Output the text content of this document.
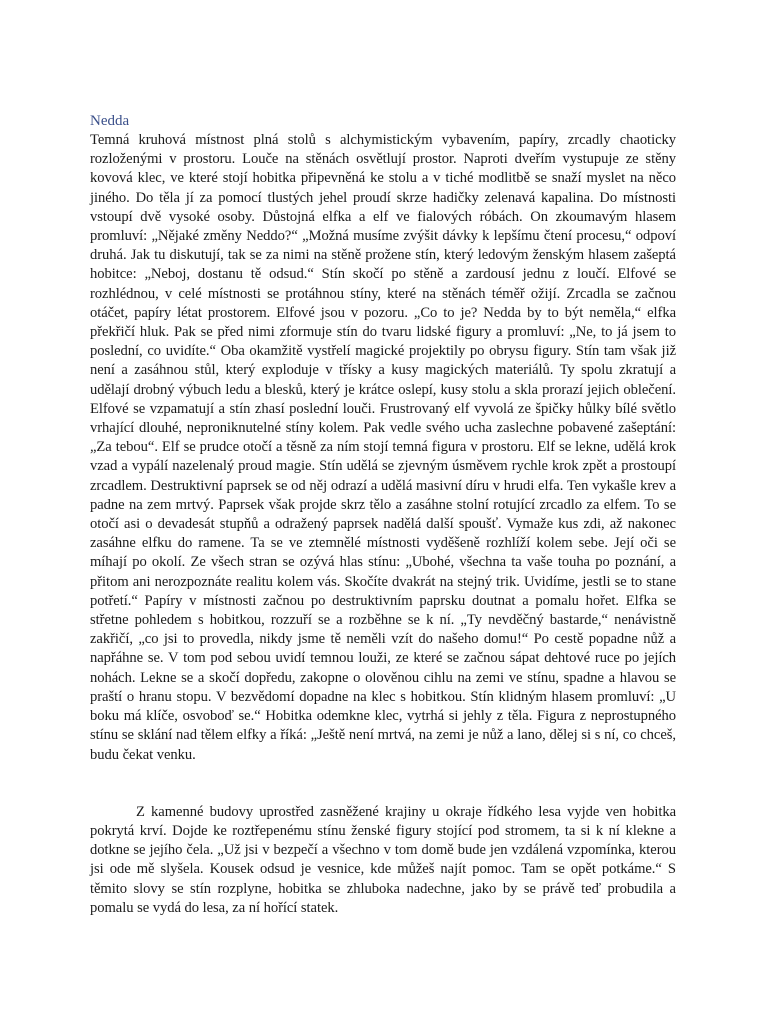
Nedda

Temná kruhová místnost plná stolů s alchymistickým vybavením, papíry, zrcadly chaoticky rozloženými v prostoru. Louče na stěnách osvětlují prostor. Naproti dveřím vystupuje ze stěny kovová klec, ve které stojí hobitka připevněná ke stolu a v tiché modlitbě se snaží myslet na něco jiného. Do těla jí za pomocí tlustých jehel proudí skrze hadičky zelenavá kapalina. Do místnosti vstoupí dvě vysoké osoby. Důstojná elfka a elf ve fialových róbách. On zkoumavým hlasem promluví: „Nějaké změny Neddo?“ „Možná musíme zvýšit dávky k lepšímu čtení procesu,“ odpoví druhá. Jak tu diskutují, tak se za nimi na stěně prožene stín, který ledovým ženským hlasem zašeptá hobitce: „Neboj, dostanu tě odsud.“ Stín skočí po stěně a zardousí jednu z loučí. Elfové se rozhlédnou, v celé místnosti se protáhnou stíny, které na stěnách téměř ožijí. Zrcadla se začnou otáčet, papíry létat prostorem. Elfové jsou v pozoru. „Co to je? Nedda by to být neměla,“ elfka překřičí hluk. Pak se před nimi zformuje stín do tvaru lidské figury a promluví: „Ne, to já jsem to poslední, co uvidíte.“ Oba okamžitě vystřelí magické projektily po obrysu figury. Stín tam však již není a zasáhnou stůl, který exploduje v třísky a kusy magických materiálů. Ty spolu zkratují a udělají drobný výbuch ledu a blesků, který je krátce oslepí, kusy stolu a skla prorazí jejich oblečení. Elfové se vzpamatují a stín zhasí poslední louči. Frustrovaný elf vyvolá ze špičky hůlky bílé světlo vrhající dlouhé, neproniknutelné stíny kolem. Pak vedle svého ucha zaslechne pobavené zašeptání: „Za tebou“. Elf se prudce otočí a těsně za ním stojí temná figura v prostoru. Elf se lekne, udělá krok vzad a vypálí nazelenalý proud magie. Stín udělá se zjevným úsměvem rychle krok zpět a prostoupí zrcadlem. Destruktivní paprsek se od něj odrazí a udělá masivní díru v hrudi elfa. Ten vykašle krev a padne na zem mrtvý. Paprsek však projde skrz tělo a zasáhne stolní rotující zrcadlo za elfem. To se otočí asi o devadesát stupňů a odražený paprsek nadělá další spoušť. Vymaže kus zdi, až nakonec zasáhne elfku do ramene. Ta se ve ztemnělé místnosti vyděšeně rozhlíží kolem sebe. Její oči se míhají po okolí. Ze všech stran se ozývá hlas stínu: „Ubohé, všechna ta vaše touha po poznání, a přitom ani nerozpoznáte realitu kolem vás. Skočíte dvakrát na stejný trik. Uvidíme, jestli se to stane potřetí.“ Papíry v místnosti začnou po destruktivním paprsku doutnat a pomalu hořet. Elfka se střetne pohledem s hobitkou, rozzuří se a rozběhne se k ní. „Ty nevděčný bastarde,“ nenávistně zakřičí, „co jsi to provedla, nikdy jsme tě neměli vzít do našeho domu!“ Po cestě popadne nůž a napřáhne se. V tom pod sebou uvidí temnou louži, ze které se začnou sápat dehtové ruce po jejích nohách. Lekne se a skočí dopředu, zakopne o olověnou cihlu na zemi ve stínu, spadne a hlavou se praští o hranu stopu. V bezvědomí dopadne na klec s hobitkou. Stín klidným hlasem promluví: „U boku má klíče, osvoboď se.“ Hobitka odemkne klec, vytrhá si jehly z těla. Figura z neprostupného stínu se sklání nad tělem elfky a říká: „Ještě není mrtvá, na zemi je nůž a lano, dělej si s ní, co chceš, budu čekat venku.

Z kamenné budovy uprostřed zasněžené krajiny u okraje řídkého lesa vyjde ven hobitka pokrytá krví. Dojde ke roztřepenému stínu ženské figury stojící pod stromem, ta si k ní klekne a dotkne se jejího čela. „Už jsi v bezpečí a všechno v tom domě bude jen vzdálená vzpomínka, kterou jsi ode mě slyšela. Kousek odsud je vesnice, kde můžeš najít pomoc. Tam se opět potkáme.“ S těmito slovy se stín rozplyne, hobitka se zhluboka nadechne, jako by se právě teď probudila a pomalu se vydá do lesa, za ní hořící statek.
